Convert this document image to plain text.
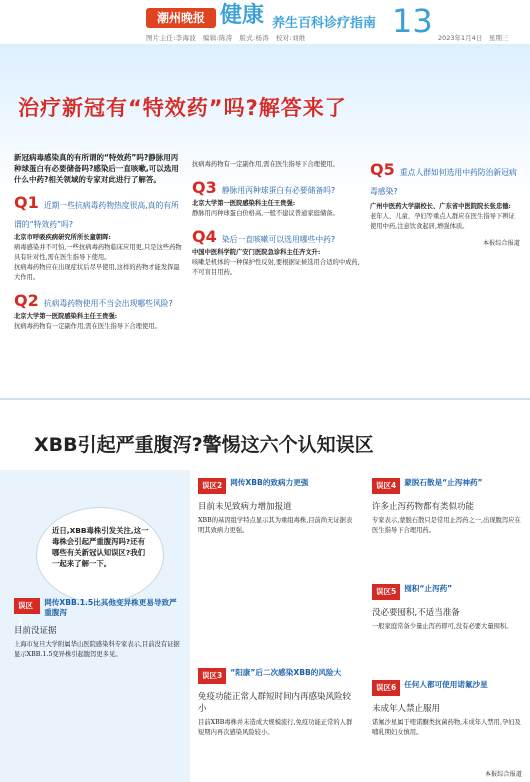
潮州晚报 健康 养生百科诊疗指南 13
图片主任:李海波　编辑:陈涛　版式:杨涛　校对:刘维	2023年1月4日　星期三
治疗新冠有“特效药”吗?解答来了
新冠病毒感染真的有所谓的“特效药”吗?静脉用丙种球蛋白有必要储备吗?感染后一直咳嗽,可以选用什么中药?相关领域的专家对此进行了解答。
Q1 近期一些抗病毒药物热度很高,真的有所谓的“特效药”吗?
北京市呼吸疾病研究所所长童朝晖:
病毒感染并不可怕,一些抗病毒药物临床应用更,只是这些药物具有针对性,需在医生指导下使用。
抗病毒药物应在出现症状后尽早使用,这样的药物才能发挥最大作用。
Q2 抗病毒药物使用不当会出现哪些风险?
北京大学第一医院感染科主任王贵强:
抗病毒药物有一定副作用,需在医生指导下合理使用。
抗病毒药物有一定副作用,需在医生指导下合理使用。
Q3 静脉用丙种球蛋白有必要储备吗?
北京大学第一医院感染科主任王贵强:
静脉用丙种球蛋白价格高,一般不建议普通家庭储备。
Q4 染后一直咳嗽可以选用哪些中药?
中国中医科学院广安门医院急诊科主任齐文升:
咳嗽是机体的一种保护性反射,要根据证候选用合适的中成药,不可盲目用药。
Q5 重点人群如何选用中药防治新冠病毒感染?
广州中医药大学副校长、广东省中医院院长张忠德:
老年人、儿童、孕妇等重点人群应在医生指导下辨证使用中药,注意饮食起居,增强体质。
本报综合报道
XBB引起严重腹泻?警惕这六个认知误区
近日,XBB毒株引发关注,这一毒株会引起严重腹泻吗?还有哪些有关新冠认知误区?我们一起来了解一下。
误区1
网传XBB.1.5比其他变异株更易导致严重腹泻
目前没证据
上海市复旦大学附属华山医院感染科专家表示,目前没有证据显示XBB.1.5变异株引起腹泻更多见。
误区2	网传XBB的致病力更强
目前未见致病力增加报道
XBB的基因组学特点显示其为重组毒株,目前尚无证据表明其致病力更强。
误区3	“阳康”后二次感染XBB的风险大
免疫功能正常人群短时间内再感染风险较小
目前XBB毒株并未造成大规模流行,免疫功能正常的人群短期内再次感染风险较小。
误区4	蒙脱石散是“止泻神药”
许多止泻药物都有类似功能
专家表示,蒙脱石散只是常用止泻药之一,出现腹泻应在医生指导下合理用药。
误区5	囤积“止泻药”
没必要囤积,不适当准备
一般家庭常备少量止泻药即可,没有必要大量囤积。
误区6	任何人都可使用诺氟沙星
未成年人禁止服用
诺氟沙星属于喹诺酮类抗菌药物,未成年人禁用,孕妇及哺乳期妇女慎用。
本报综合报道
